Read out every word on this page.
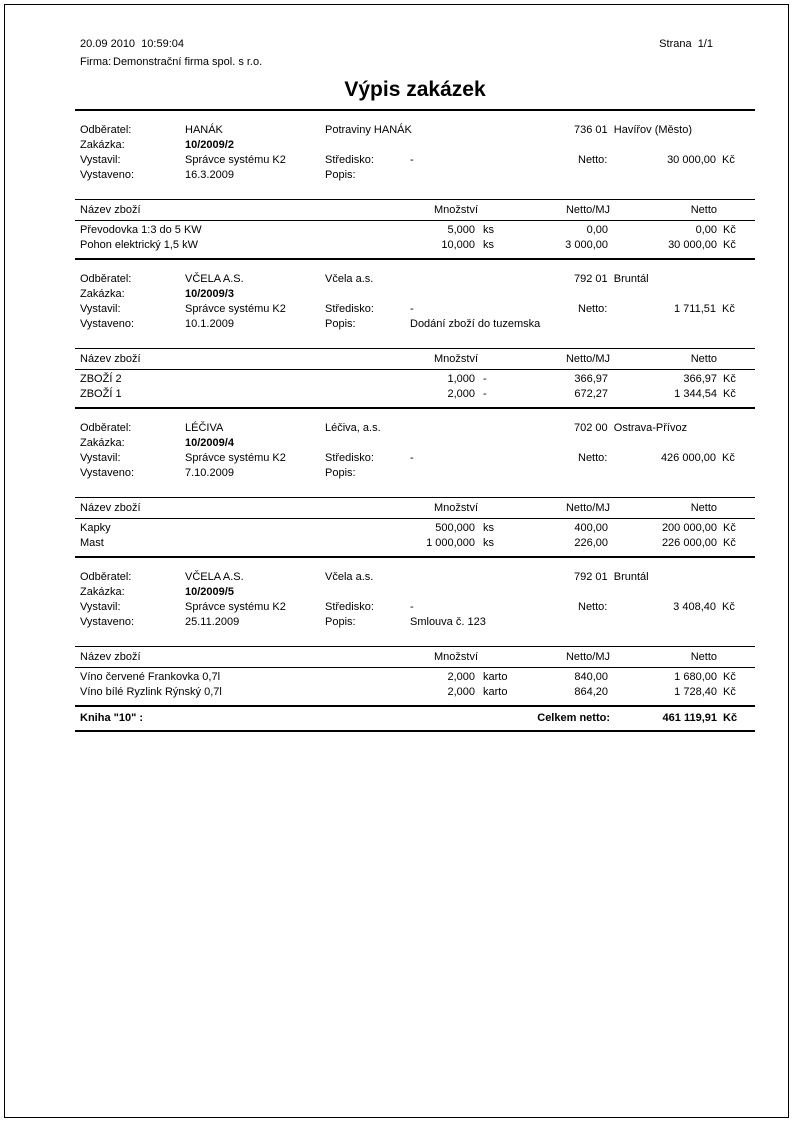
20.09 2010  10:59:04	Strana  1/1
Firma: Demonstrační firma spol. s r.o.
Výpis zakázek
Odběratel:	HANÁK	Potraviny HANÁK	736 01  Havířov (Město)
Zakázka:	10/2009/2
Vystavil:	Správce systému K2	Středisko:	-	Netto:	30 000,00 Kč
Vystaveno:	16.3.2009	Popis:
Název zboží	Množství	Netto/MJ	Netto
Převodovka 1:3 do 5 KW	5,000 ks	0,00	0,00 Kč
Pohon elektrický 1,5 kW	10,000 ks	3 000,00	30 000,00 Kč
Odběratel:	VČELA A.S.	Včela a.s.	792 01  Bruntál
Zakázka:	10/2009/3
Vystavil:	Správce systému K2	Středisko:	-	Netto:	1 711,51 Kč
Vystaveno:	10.1.2009	Popis:	Dodání zboží do tuzemska
Název zboží	Množství	Netto/MJ	Netto
ZBOŽÍ 2	1,000 -	366,97	366,97 Kč
ZBOŽÍ 1	2,000 -	672,27	1 344,54 Kč
Odběratel:	LÉČIVA	Léčiva, a.s.	702 00  Ostrava-Přívoz
Zakázka:	10/2009/4
Vystavil:	Správce systému K2	Středisko:	-	Netto:	426 000,00 Kč
Vystaveno:	7.10.2009	Popis:
Název zboží	Množství	Netto/MJ	Netto
Kapky	500,000 ks	400,00	200 000,00 Kč
Mast	1 000,000 ks	226,00	226 000,00 Kč
Odběratel:	VČELA A.S.	Včela a.s.	792 01  Bruntál
Zakázka:	10/2009/5
Vystavil:	Správce systému K2	Středisko:	-	Netto:	3 408,40 Kč
Vystaveno:	25.11.2009	Popis:	Smlouva č. 123
Název zboží	Množství	Netto/MJ	Netto
Víno červené Frankovka 0,7l	2,000 karto	840,00	1 680,00 Kč
Víno bílé Ryzlink Rýnský 0,7l	2,000 karto	864,20	1 728,40 Kč
Kniha "10" :	Celkem netto:	461 119,91 Kč
